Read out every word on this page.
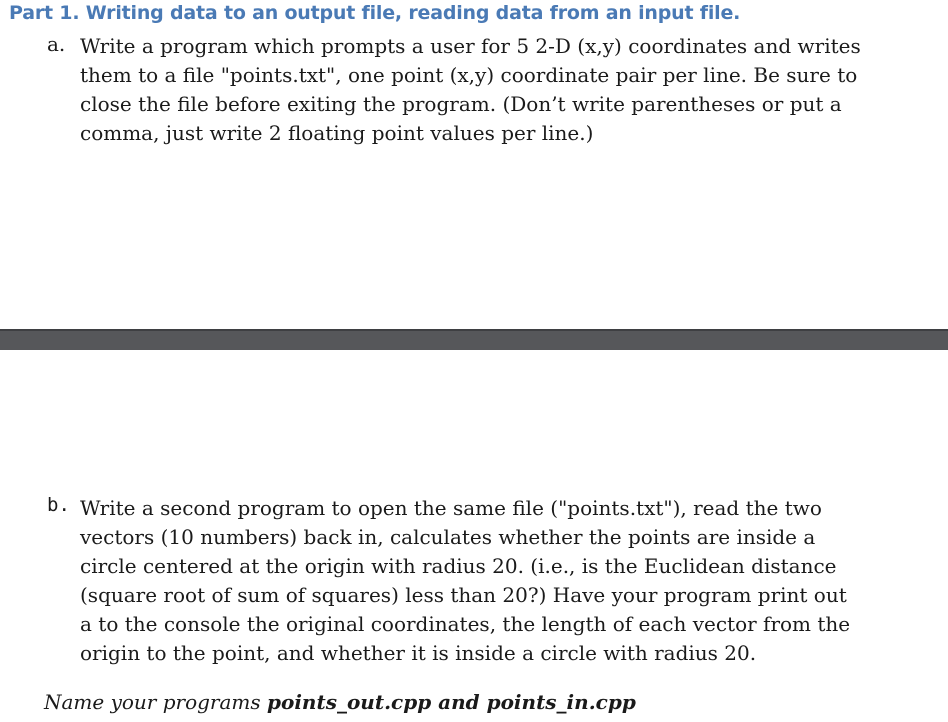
Part 1. Writing data to an output file, reading data from an input file.
a. Write a program which prompts a user for 5 2-D (x,y) coordinates and writes
them to a file "points.txt", one point (x,y) coordinate pair per line. Be sure to
close the file before exiting the program. (Don’t write parentheses or put a
comma, just write 2 floating point values per line.)
b. Write a second program to open the same file ("points.txt"), read the two
vectors (10 numbers) back in, calculates whether the points are inside a
circle centered at the origin with radius 20. (i.e., is the Euclidean distance
(square root of sum of squares) less than 20?) Have your program print out
a to the console the original coordinates, the length of each vector from the
origin to the point, and whether it is inside a circle with radius 20.
Name your programs points_out.cpp and points_in.cpp
